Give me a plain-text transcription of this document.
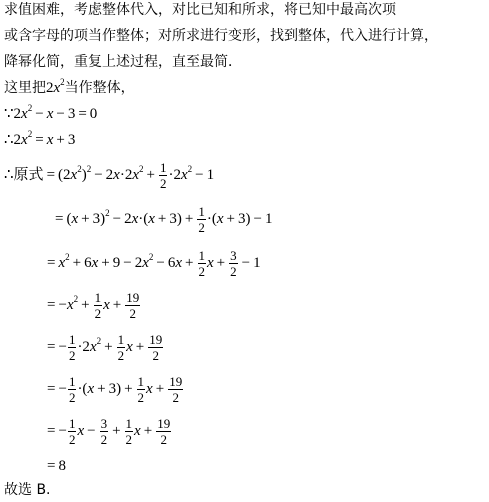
求值困难，考虑整体代入，对比已知和所求，将已知中最高次项
或含字母的项当作整体；对所求进行变形，找到整体，代入进行计算，
降幂化简，重复上述过程，直至最简．
这里把$2x^2$当作整体，
$\because 2x^2 - x - 3 = 0$
$\therefore 2x^2 = x + 3$
∴原式 = $(2x^2)^2 - 2x\cdot 2x^2 + \frac{1}{2} \cdot 2x^2 - 1$
= $(x + 3)^2 - 2x\cdot(x + 3) + \frac{1}{2} \cdot(x + 3) - 1$
= $x^2 + 6x + 9 - 2x^2 - 6x + \frac{1}{2}$ $x + \frac{3}{2} - 1$
= $-x^2 + \frac{1}{2}$ $x + \frac{19}{2}$
= − $\frac{1}{2} \cdot 2x^2 + \frac{1}{2}$ $x + \frac{19}{2}$
= − $\frac{1}{2} \cdot(x + 3) + \frac{1}{2}$ $x + \frac{19}{2}$
= − $\frac{1}{2}$ $x - \frac{3}{2} + \frac{1}{2}$ $x + \frac{19}{2}$
= 8
故选 B.
